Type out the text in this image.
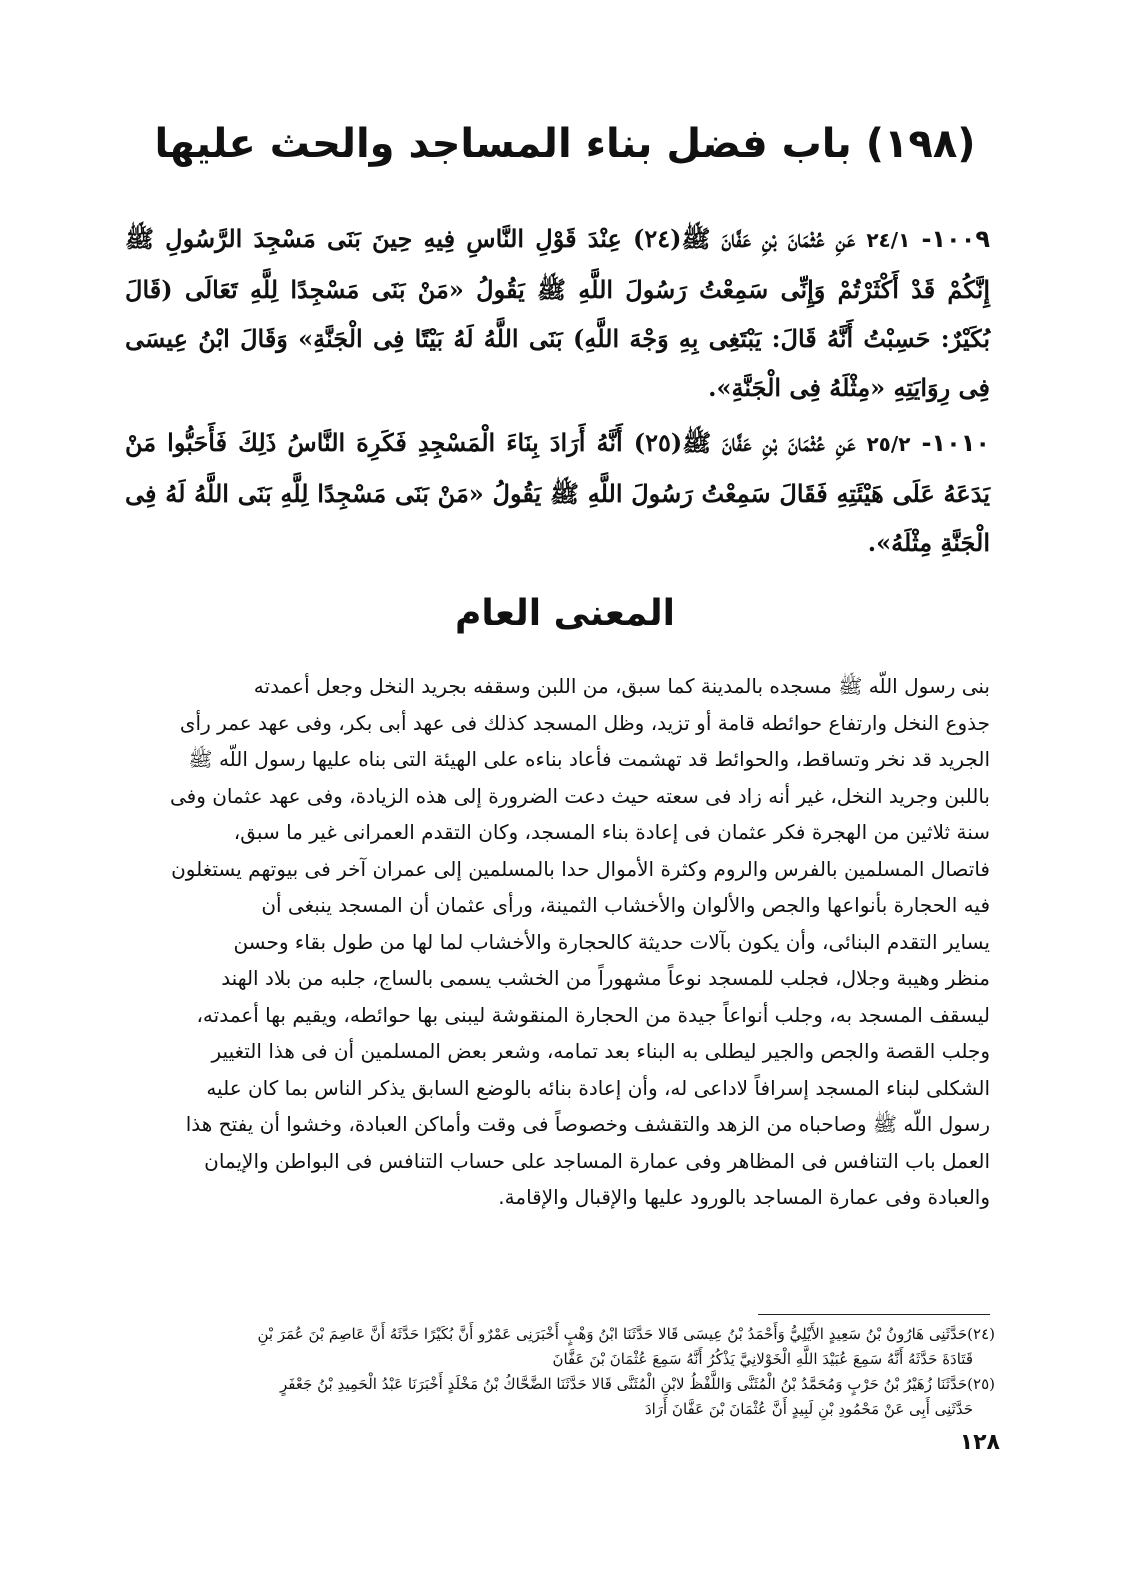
(١٩٨) باب فضل بناء المساجد والحث عليها
١٠٠٩- ٢٤/١ عَنِ عُثْمَانَ بْنِ عَفَّانَ ﷺ(٢٤) عِنْدَ قَوْلِ النَّاسِ فِيهِ حِينَ بَنَى مَسْجِدَ الرَّسُولِ ﷺ إِنَّكُمْ قَدْ أَكْثَرْتُمْ وَإِنِّى سَمِعْتُ رَسُولَ اللَّهِ ﷺ يَقُولُ «مَنْ بَنَى مَسْجِدًا لِلَّهِ تَعَالَى (قَالَ بُكَيْرٌ: حَسِبْتُ أَنَّهُ قَالَ: يَبْتَغِى بِهِ وَجْهَ اللَّهِ) بَنَى اللَّهُ لَهُ بَيْتًا فِى الْجَنَّةِ» وَقَالَ ابْنُ عِيسَى فِى رِوَايَتِهِ «مِثْلَهُ فِى الْجَنَّةِ».
١٠١٠- ٢٥/٢ عَنِ عُثْمَانَ بْنِ عَفَّانَ ﷺ(٢٥) أَنَّهُ أَرَادَ بِنَاءَ الْمَسْجِدِ فَكَرِهَ النَّاسُ ذَلِكَ فَأَحَبُّوا مَنْ يَدَعَهُ عَلَى هَيْئَتِهِ فَقَالَ سَمِعْتُ رَسُولَ اللَّهِ ﷺ يَقُولُ «مَنْ بَنَى مَسْجِدًا لِلَّهِ بَنَى اللَّهُ لَهُ فِى الْجَنَّةِ مِثْلَهُ».
المعنى العام
بنى رسول اللّه ﷺ مسجده بالمدينة كما سبق، من اللبن وسقفه بجريد النخل وجعل أعمدته
جذوع النخل وارتفاع حوائطه قامة أو تزيد، وظل المسجد كذلك فى عهد أبى بكر، وفى عهد عمر رأى
الجريد قد نخر وتساقط، والحوائط قد تهشمت فأعاد بناءه على الهيئة التى بناه عليها رسول اللّه ﷺ
باللبن وجريد النخل، غير أنه زاد فى سعته حيث دعت الضرورة إلى هذه الزيادة، وفى عهد عثمان وفى
سنة ثلاثين من الهجرة فكر عثمان فى إعادة بناء المسجد، وكان التقدم العمرانى غير ما سبق،
فاتصال المسلمين بالفرس والروم وكثرة الأموال حدا بالمسلمين إلى عمران آخر فى بيوتهم يستغلون
فيه الحجارة بأنواعها والجص والألوان والأخشاب الثمينة، ورأى عثمان أن المسجد ينبغى أن
يساير التقدم البنائى، وأن يكون بآلات حديثة كالحجارة والأخشاب لما لها من طول بقاء وحسن
منظر وهيبة وجلال، فجلب للمسجد نوعاً مشهوراً من الخشب يسمى بالساج، جلبه من بلاد الهند
ليسقف المسجد به، وجلب أنواعاً جيدة من الحجارة المنقوشة ليبنى بها حوائطه، ويقيم بها أعمدته،
وجلب القصة والجص والجير ليطلى به البناء بعد تمامه، وشعر بعض المسلمين أن فى هذا التغيير
الشكلى لبناء المسجد إسرافاً لاداعى له، وأن إعادة بنائه بالوضع السابق يذكر الناس بما كان عليه
رسول اللّه ﷺ وصاحباه من الزهد والتقشف وخصوصاً فى وقت وأماكن العبادة، وخشوا أن يفتح هذا
العمل باب التنافس فى المظاهر وفى عمارة المساجد على حساب التنافس فى البواطن والإيمان
والعبادة وفى عمارة المساجد بالورود عليها والإقبال والإقامة.
(٢٤)حَدَّثَنِى هَارُونُ بْنُ سَعِيدٍ الأَيْلِيُّ وَأَحْمَدُ بْنُ عِيسَى قَالا حَدَّثَنَا ابْنُ وَهْبٍ أَخْبَرَنِى عَمْرٌو أَنَّ بُكَيْرًا حَدَّثَهُ أَنَّ عَاصِمَ بْنَ عُمَرَ بْنِ
قَتَادَةَ حَدَّثَهُ أَنَّهُ سَمِعَ عُبَيْدَ اللَّهِ الْخَوْلانِيَّ يَذْكُرُ أَنَّهُ سَمِعَ عُثْمَانَ بْنَ عَفَّانَ
(٢٥)حَدَّثَنَا زُهَيْرُ بْنُ حَرْبٍ وَمُحَمَّدُ بْنُ الْمُثَنَّى وَاللَّفْظُ لابْنِ الْمُثَنَّى قَالا حَدَّثَنَا الضَّحَّاكُ بْنُ مَخْلَدٍ أَخْبَرَنَا عَبْدُ الْحَمِيدِ بْنُ جَعْفَرٍ
حَدَّثَنِى أَبِى عَنْ مَحْمُودِ بْنِ لَبِيدٍ أَنَّ عُثْمَانَ بْنَ عَفَّانَ أَرَادَ
١٢٨
